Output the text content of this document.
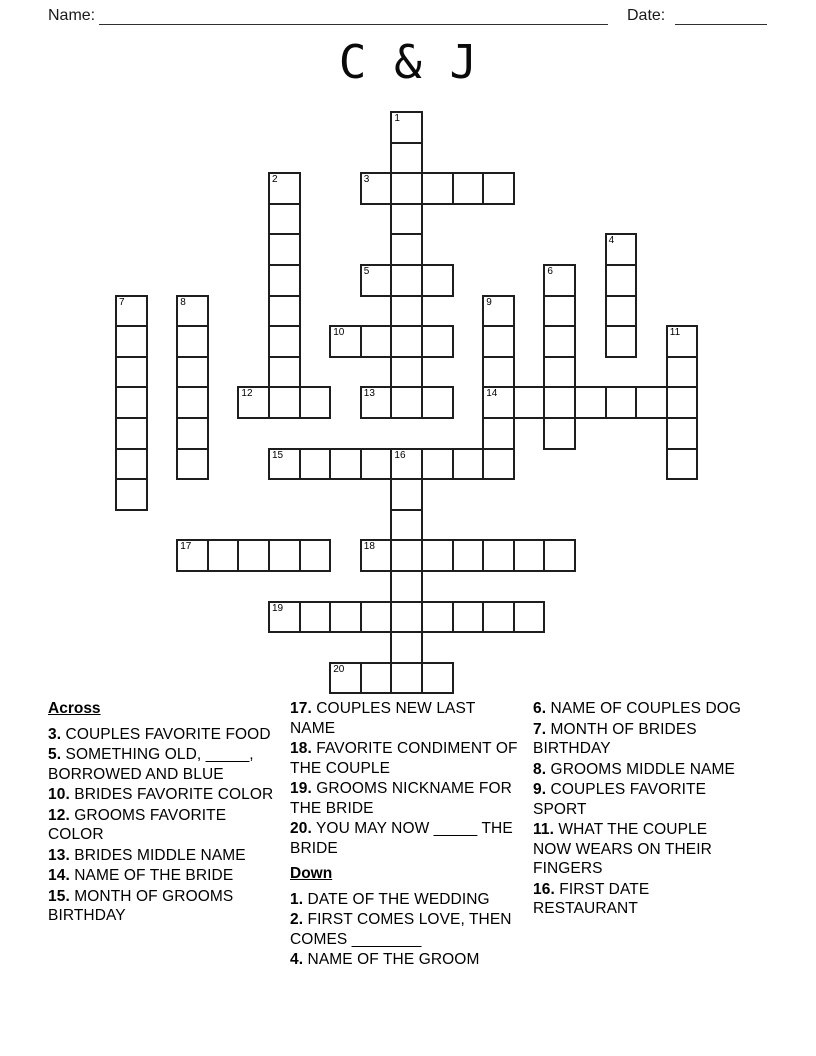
Name:	Date:
C & J
1
2	3
4
5	6
7	8	9
14
10	11
12	13
15	16
17	18
19
20
Across
3. COUPLES FAVORITE FOOD
5. SOMETHING OLD, _____, BORROWED AND BLUE
10. BRIDES FAVORITE COLOR
12. GROOMS FAVORITE COLOR
13. BRIDES MIDDLE NAME
14. NAME OF THE BRIDE
15. MONTH OF GROOMS BIRTHDAY
17. COUPLES NEW LAST NAME
18. FAVORITE CONDIMENT OF THE COUPLE
19. GROOMS NICKNAME FOR THE BRIDE
20. YOU MAY NOW _____ THE BRIDE
Down
1. DATE OF THE WEDDING
2. FIRST COMES LOVE, THEN COMES ________
4. NAME OF THE GROOM
6. NAME OF COUPLES DOG
7. MONTH OF BRIDES BIRTHDAY
8. GROOMS MIDDLE NAME
9. COUPLES FAVORITE SPORT
11. WHAT THE COUPLE NOW WEARS ON THEIR FINGERS
16. FIRST DATE RESTAURANT
